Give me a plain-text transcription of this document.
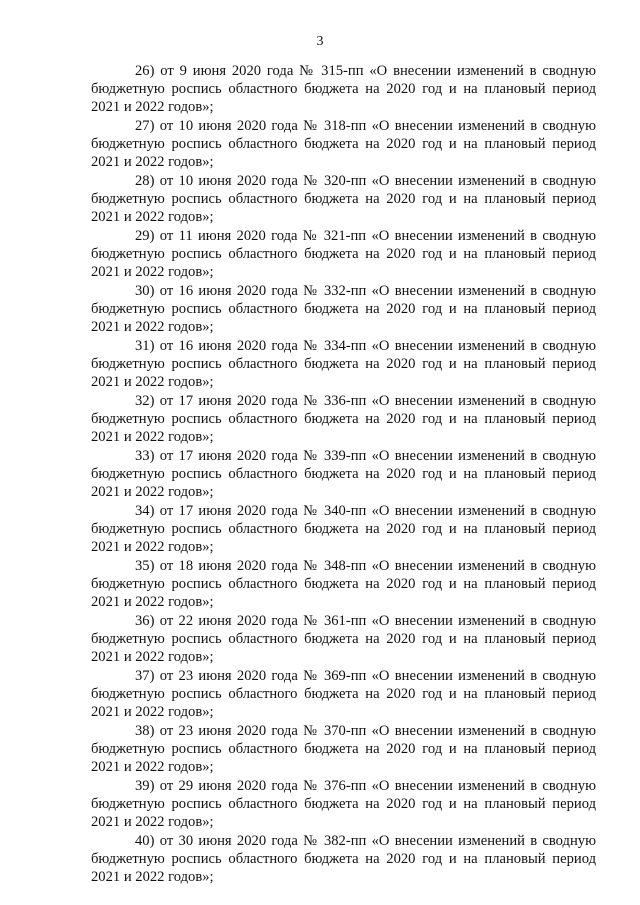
3
26) от 9 июня 2020 года № 315-пп «О внесении изменений в сводную
бюджетную роспись областного бюджета на 2020 год и на плановый период
2021 и 2022 годов»;
27) от 10 июня 2020 года № 318-пп «О внесении изменений в сводную
бюджетную роспись областного бюджета на 2020 год и на плановый период
2021 и 2022 годов»;
28) от 10 июня 2020 года № 320-пп «О внесении изменений в сводную
бюджетную роспись областного бюджета на 2020 год и на плановый период
2021 и 2022 годов»;
29) от 11 июня 2020 года № 321-пп «О внесении изменений в сводную
бюджетную роспись областного бюджета на 2020 год и на плановый период
2021 и 2022 годов»;
30) от 16 июня 2020 года № 332-пп «О внесении изменений в сводную
бюджетную роспись областного бюджета на 2020 год и на плановый период
2021 и 2022 годов»;
31) от 16 июня 2020 года № 334-пп «О внесении изменений в сводную
бюджетную роспись областного бюджета на 2020 год и на плановый период
2021 и 2022 годов»;
32) от 17 июня 2020 года № 336-пп «О внесении изменений в сводную
бюджетную роспись областного бюджета на 2020 год и на плановый период
2021 и 2022 годов»;
33) от 17 июня 2020 года № 339-пп «О внесении изменений в сводную
бюджетную роспись областного бюджета на 2020 год и на плановый период
2021 и 2022 годов»;
34) от 17 июня 2020 года № 340-пп «О внесении изменений в сводную
бюджетную роспись областного бюджета на 2020 год и на плановый период
2021 и 2022 годов»;
35) от 18 июня 2020 года № 348-пп «О внесении изменений в сводную
бюджетную роспись областного бюджета на 2020 год и на плановый период
2021 и 2022 годов»;
36) от 22 июня 2020 года № 361-пп «О внесении изменений в сводную
бюджетную роспись областного бюджета на 2020 год и на плановый период
2021 и 2022 годов»;
37) от 23 июня 2020 года № 369-пп «О внесении изменений в сводную
бюджетную роспись областного бюджета на 2020 год и на плановый период
2021 и 2022 годов»;
38) от 23 июня 2020 года № 370-пп «О внесении изменений в сводную
бюджетную роспись областного бюджета на 2020 год и на плановый период
2021 и 2022 годов»;
39) от 29 июня 2020 года № 376-пп «О внесении изменений в сводную
бюджетную роспись областного бюджета на 2020 год и на плановый период
2021 и 2022 годов»;
40) от 30 июня 2020 года № 382-пп «О внесении изменений в сводную
бюджетную роспись областного бюджета на 2020 год и на плановый период
2021 и 2022 годов»;
